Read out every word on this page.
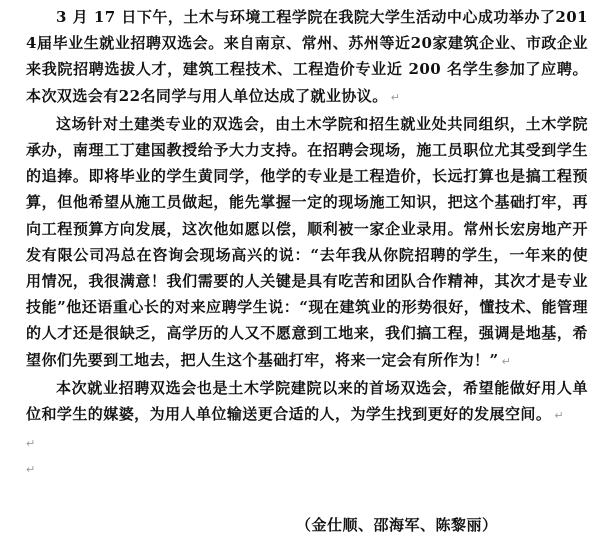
3 月 17 日下午，土木与环境工程学院在我院大学生活动中心成功举办了2014届毕业生就业招聘双选会。来自南京、常州、苏州等近20家建筑企业、市政企业来我院招聘选拔人才，建筑工程技术、工程造价专业近 200 名学生参加了应聘。本次双选会有22名同学与用人单位达成了就业协议。 ↵

这场针对土建类专业的双选会，由土木学院和招生就业处共同组织，土木学院承办，南理工丁建国教授给予大力支持。在招聘会现场，施工员职位尤其受到学生的追捧。即将毕业的学生黄同学，他学的专业是工程造价，长远打算也是搞工程预算，但他希望从施工员做起，能先掌握一定的现场施工知识，把这个基础打牢，再向工程预算方向发展，这次他如愿以偿，顺利被一家企业录用。常州长宏房地产开发有限公司冯总在咨询会现场高兴的说：“去年我从你院招聘的学生，一年来的使用情况，我很满意！我们需要的人关键是具有吃苦和团队合作精神，其次才是专业技能”他还语重心长的对来应聘学生说：“现在建筑业的形势很好，懂技术、能管理的人才还是很缺乏，高学历的人又不愿意到工地来，我们搞工程，强调是地基，希望你们先要到工地去，把人生这个基础打牢，将来一定会有所作为！” ↵

本次就业招聘双选会也是土木学院建院以来的首场双选会，希望能做好用人单位和学生的媒婆，为用人单位输送更合适的人，为学生找到更好的发展空间。 ↵

↵
↵
（金仕顺、邵海军、陈黎丽）
